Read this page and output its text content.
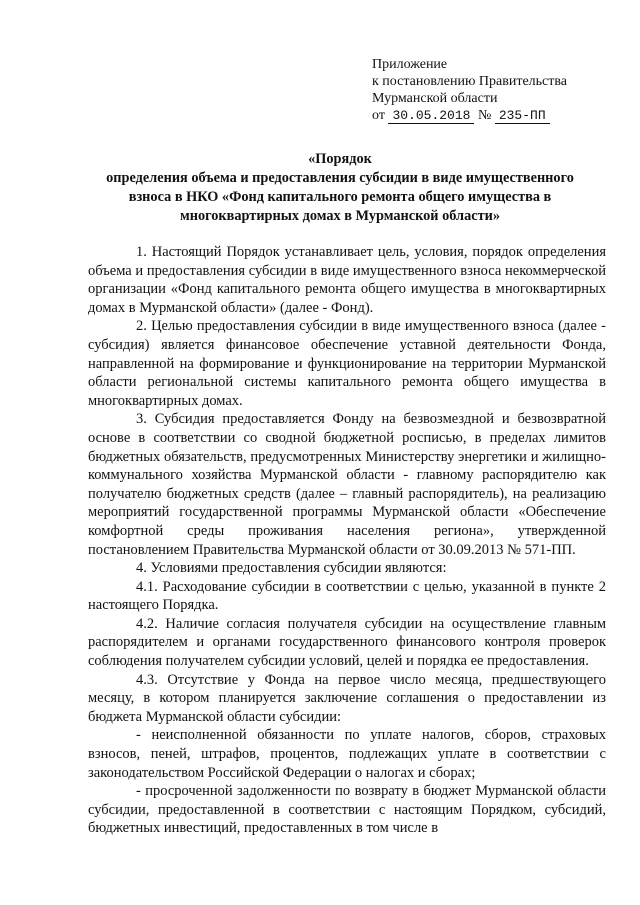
Приложение
к постановлению Правительства
Мурманской области
от 30.05.2018 № 235-ПП
«Порядок
определения объема и предоставления субсидии в виде имущественного
взноса в НКО «Фонд капитального ремонта общего имущества в
многоквартирных домах в Мурманской области»

1. Настоящий Порядок устанавливает цель, условия, порядок определения объема и предоставления субсидии в виде имущественного взноса некоммерческой организации «Фонд капитального ремонта общего имущества в многоквартирных домах в Мурманской области» (далее - Фонд).

2. Целью предоставления субсидии в виде имущественного взноса (далее - субсидия) является финансовое обеспечение уставной деятельности Фонда, направленной на формирование и функционирование на территории Мурманской области региональной системы капитального ремонта общего имущества в многоквартирных домах.

3. Субсидия предоставляется Фонду на безвозмездной и безвозвратной основе в соответствии со сводной бюджетной росписью, в пределах лимитов бюджетных обязательств, предусмотренных Министерству энергетики и жилищно-коммунального хозяйства Мурманской области - главному распорядителю как получателю бюджетных средств (далее – главный распорядитель), на реализацию мероприятий государственной программы Мурманской области «Обеспечение комфортной среды проживания населения региона», утвержденной постановлением Правительства Мурманской области от 30.09.2013 № 571-ПП.

4. Условиями предоставления субсидии являются:

4.1. Расходование субсидии в соответствии с целью, указанной в пункте 2 настоящего Порядка.

4.2. Наличие согласия получателя субсидии на осуществление главным распорядителем и органами государственного финансового контроля проверок соблюдения получателем субсидии условий, целей и порядка ее предоставления.

4.3. Отсутствие у Фонда на первое число месяца, предшествующего месяцу, в котором планируется заключение соглашения о предоставлении из бюджета Мурманской области субсидии:

- неисполненной обязанности по уплате налогов, сборов, страховых взносов, пеней, штрафов, процентов, подлежащих уплате в соответствии с законодательством Российской Федерации о налогах и сборах;

- просроченной задолженности по возврату в бюджет Мурманской области субсидии, предоставленной в соответствии с настоящим Порядком, субсидий, бюджетных инвестиций, предоставленных в том числе в
